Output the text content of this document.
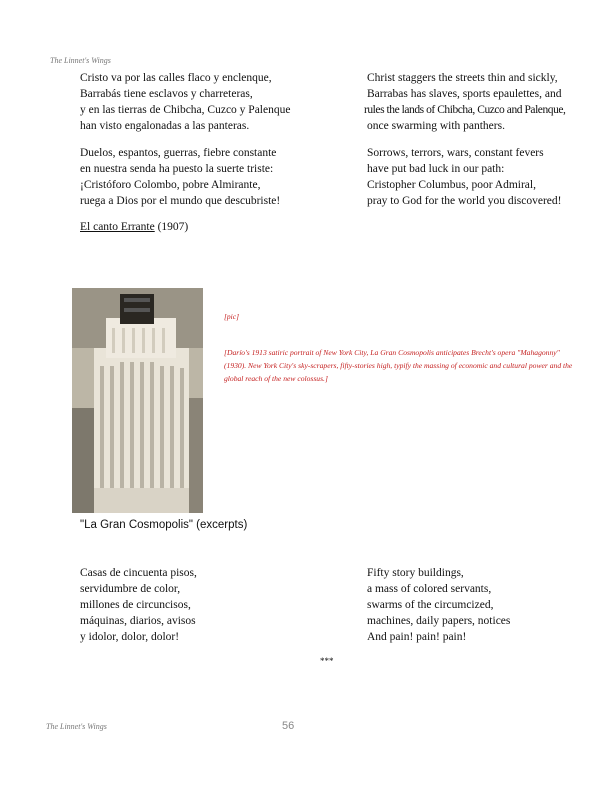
The Linnet's Wings
Cristo va por las calles flaco y enclenque,
Barrabás tiene esclavos y charreteras,
y en las tierras de Chibcha, Cuzco y Palenque
han visto engalonadas a las panteras.
Christ staggers the streets thin and sickly,
Barrabas has slaves, sports epaulettes, and
rules the lands of Chibcha, Cuzco and Palenque,
once swarming with panthers.
Duelos, espantos, guerras, fiebre constante
en nuestra senda ha puesto la suerte triste:
¡Cristóforo Colombo, pobre Almirante,
ruega a Dios por el mundo que descubriste!
Sorrows, terrors, wars, constant fevers
have put bad luck in our path:
Cristopher Columbus, poor Admiral,
pray to God for the world you discovered!
El canto Errante (1907)
[pic]
[Darío's 1913 satiric portrait of New York City, La Gran Cosmopolis anticipates Brecht's opera "Mahagonny" (1930). New York City's sky-scrapers, fifty-stories high, typify the massing of economic and cultural power and the global reach of the new colossus.]
"La Gran Cosmopolis" (excerpts)
Casas de cincuenta pisos,
servidumbre de color,
millones de circuncisos,
máquinas, diarios, avisos
y idolor, dolor, dolor!
Fifty story buildings,
a mass of colored servants,
swarms of the circumcized,
machines, daily papers, notices
And pain! pain! pain!
***
The Linnet's Wings	56
